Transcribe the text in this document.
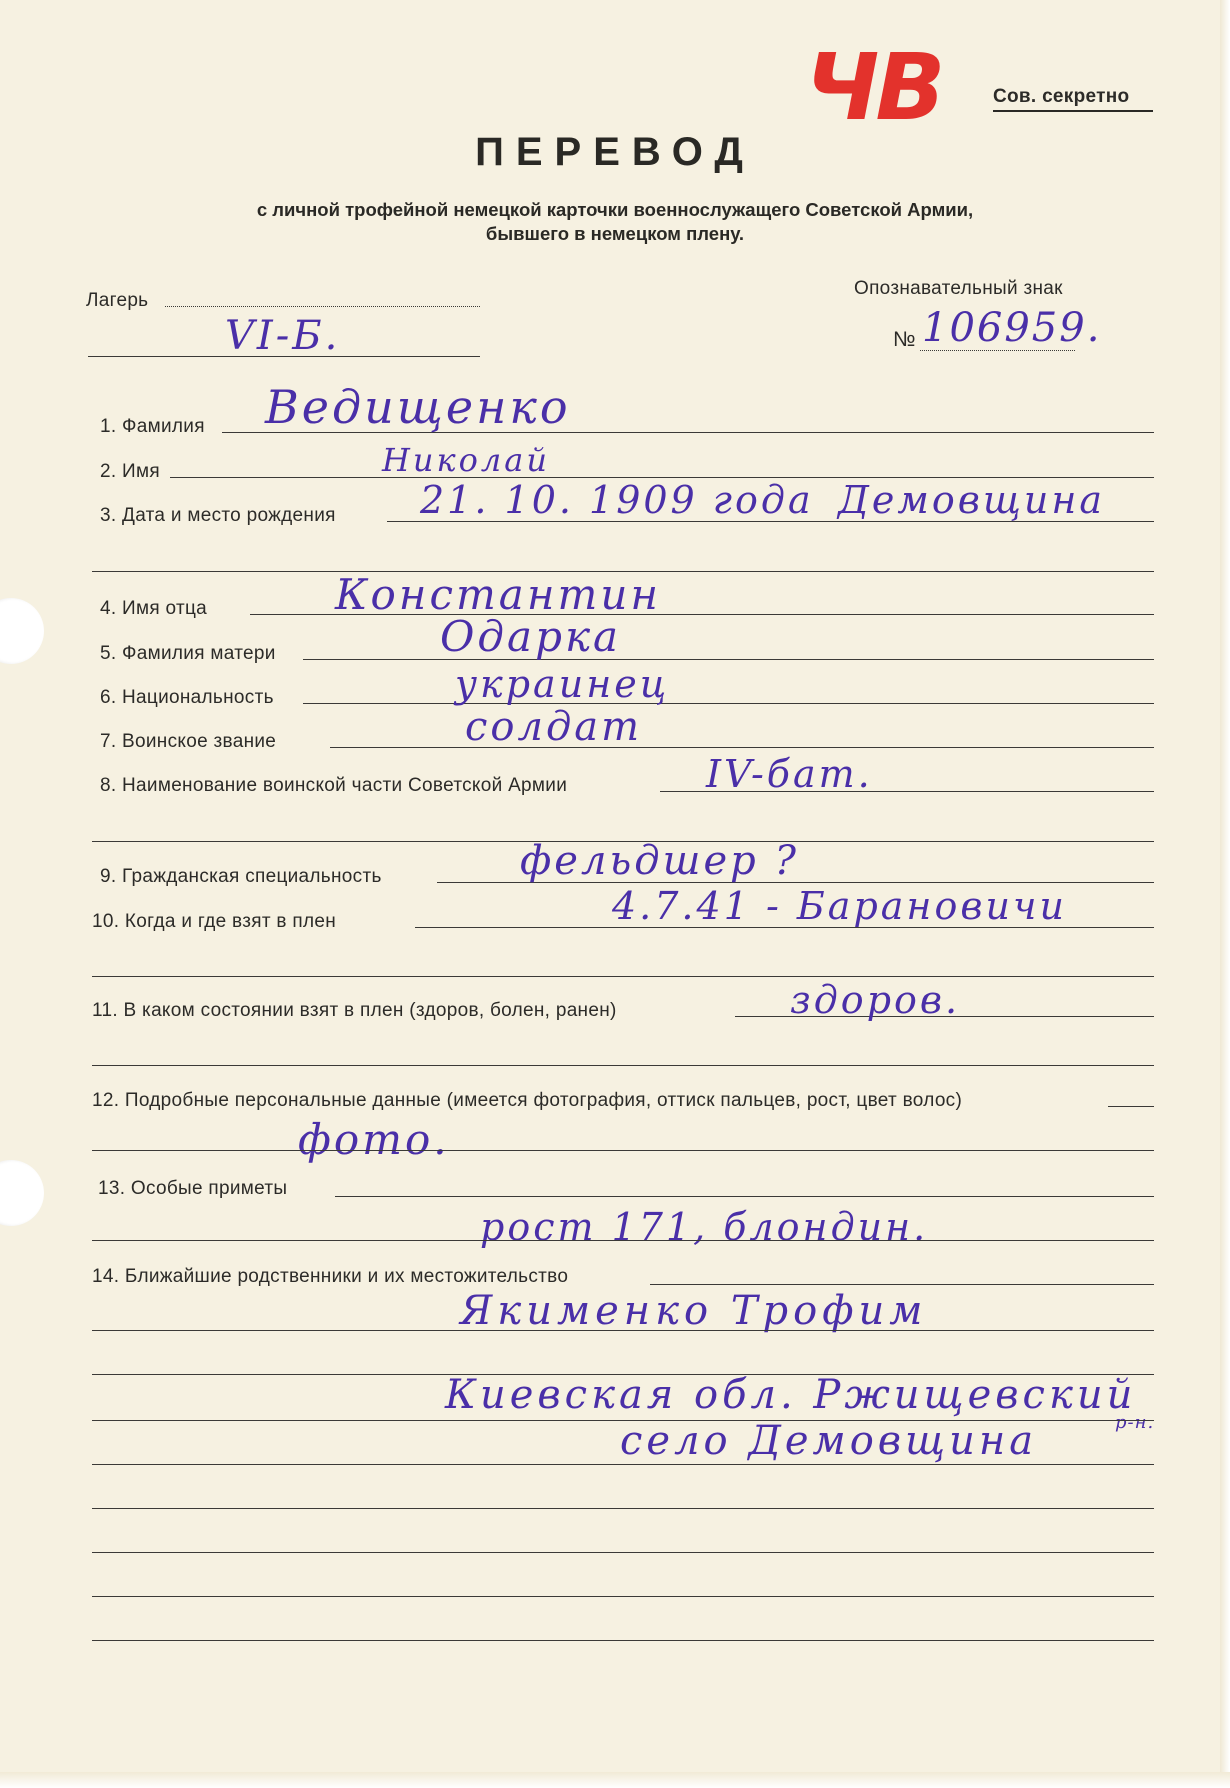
ЧВ	Сов. секретно
ПЕРЕВОД
с личной трофейной немецкой карточки военнослужащего Советской Армии,
бывшего в немецком плену.
Лагерь
VI-Б.
Опознавательный знак
№ 106959.
1. Фамилия Ведищенко
2. Имя	Николай
3. Дата и место рождения 21. 10. 1909 года Демовщина
4. Имя отца	Константин
5. Фамилия матери	Одарка
6. Национальность	украинец
7. Воинское звание	солдат
8. Наименование воинской части Советской Армии	IV-бат.
9. Гражданская специальность	фельдшер ?
10. Когда и где взят в плен	4.7.41 - Барановичи
11. В каком состоянии взят в плен (здоров, болен, ранен)	здоров.
12. Подробные персональные данные (имеется фотография, оттиск пальцев, рост, цвет волос)
фото.
13. Особые приметы
рост 171, блондин.
14. Ближайшие родственники и их местожительство
Якименко Трофим
Киевская обл. Ржищевский
село Демовщина	р-н.
